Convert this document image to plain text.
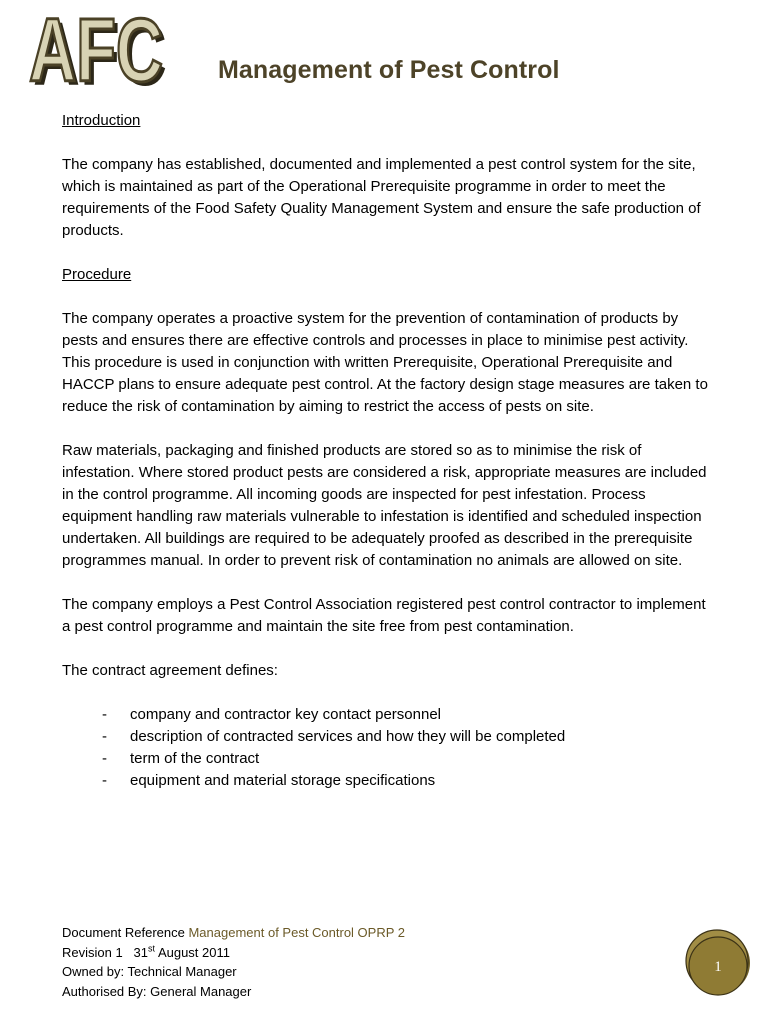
AFC
AFC Management of Pest Control

Introduction

The company has established, documented and implemented a pest control system for the site, which is maintained as part of the Operational Prerequisite programme in order to meet the requirements of the Food Safety Quality Management System and ensure the safe production of products.

Procedure

The company operates a proactive system for the prevention of contamination of products by pests and ensures there are effective controls and processes in place to minimise pest activity. This procedure is used in conjunction with written Prerequisite, Operational Prerequisite and HACCP plans to ensure adequate pest control. At the factory design stage measures are taken to reduce the risk of contamination by aiming to restrict the access of pests on site.

Raw materials, packaging and finished products are stored so as to minimise the risk of infestation. Where stored product pests are considered a risk, appropriate measures are included in the control programme. All incoming goods are inspected for pest infestation. Process equipment handling raw materials vulnerable to infestation is identified and scheduled inspection undertaken. All buildings are required to be adequately proofed as described in the prerequisite programmes manual. In order to prevent risk of contamination no animals are allowed on site.

The company employs a Pest Control Association registered pest control contractor to implement a pest control programme and maintain the site free from pest contamination.

The contract agreement defines:

- company and contractor key contact personnel
- description of contracted services and how they will be completed
- term of the contract
- equipment and material storage specifications
Document Reference Management of Pest Control OPRP 2
Revision 1 31st August 2011
Owned by: Technical Manager
Authorised By: General Manager
1
